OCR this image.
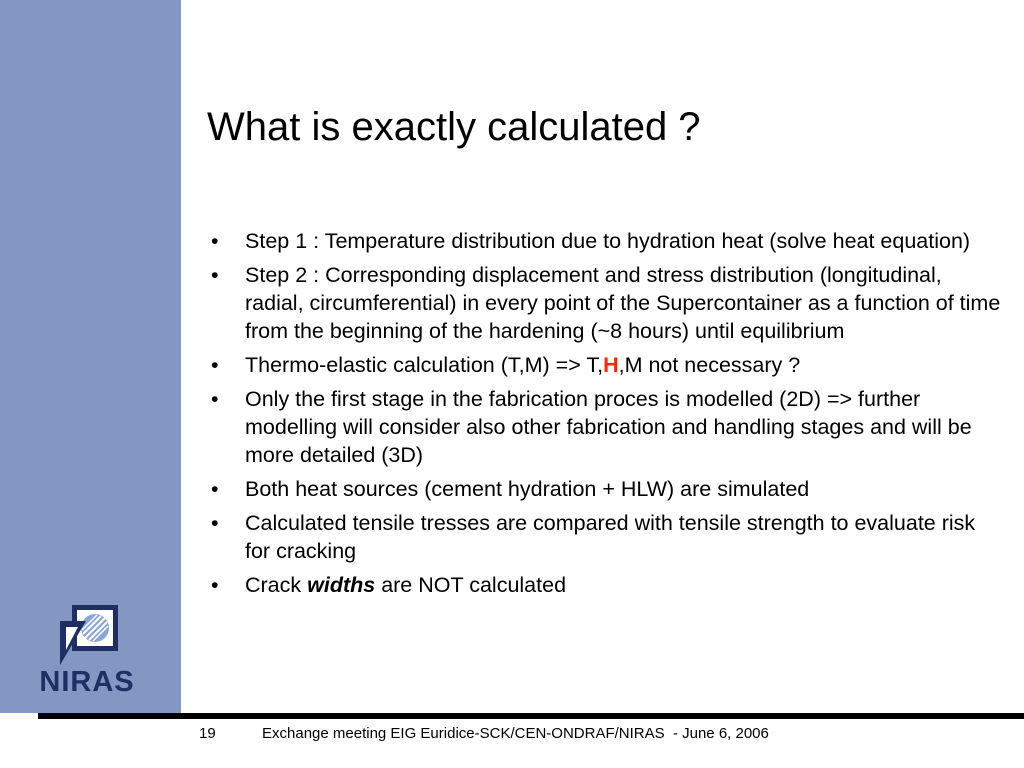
NIRAS
What is exactly calculated ?
• Step 1 : Temperature distribution due to hydration heat (solve heat equation)
• Step 2 : Corresponding displacement and stress distribution (longitudinal, radial, circumferential) in every point of the Supercontainer as a function of time from the beginning of the hardening (~8 hours) until equilibrium
• Thermo-elastic calculation (T,M) => T,H,M not necessary ?
• Only the first stage in the fabrication proces is modelled (2D) => further modelling will consider also other fabrication and handling stages and will be more detailed (3D)
• Both heat sources (cement hydration + HLW) are simulated
• Calculated tensile tresses are compared with tensile strength to evaluate risk for cracking
• Crack widths are NOT calculated
19	Exchange meeting EIG Euridice-SCK/CEN-ONDRAF/NIRAS  - June 6, 2006
